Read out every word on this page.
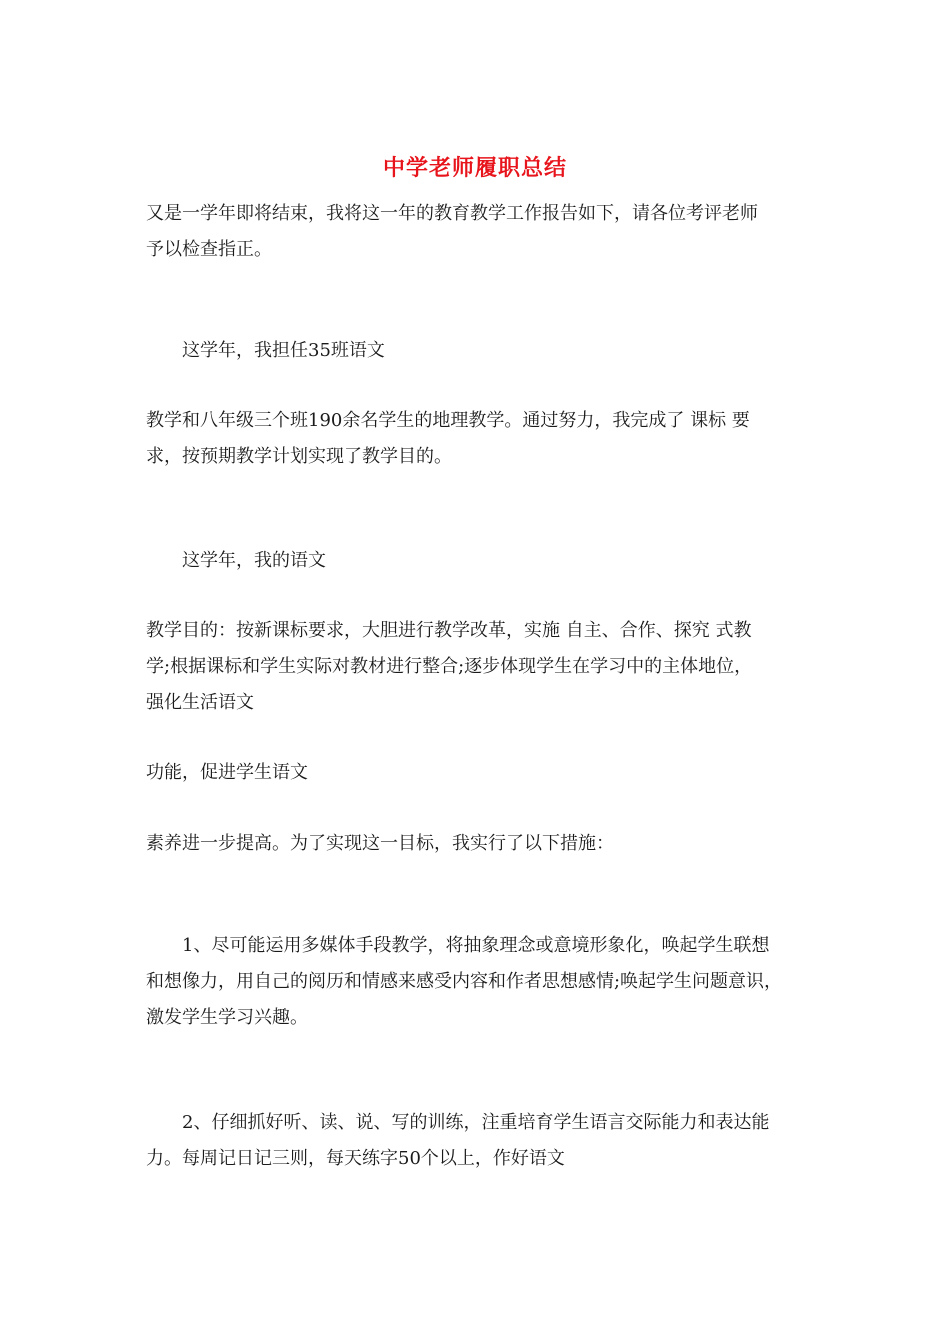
中学老师履职总结

又是一学年即将结束，我将这一年的教育教学工作报告如下，请各位考评老师
予以检查指正。

这学年，我担任35班语文

教学和八年级三个班190余名学生的地理教学。通过努力，我完成了 课标 要
求，按预期教学计划实现了教学目的。

这学年，我的语文

教学目的：按新课标要求，大胆进行教学改革，实施 自主、合作、探究 式教
学;根据课标和学生实际对教材进行整合;逐步体现学生在学习中的主体地位，
强化生活语文

功能，促进学生语文

素养进一步提高。为了实现这一目标，我实行了以下措施：

1、尽可能运用多媒体手段教学，将抽象理念或意境形象化，唤起学生联想
和想像力，用自己的阅历和情感来感受内容和作者思想感情;唤起学生问题意识，
激发学生学习兴趣。

2、仔细抓好听、读、说、写的训练，注重培育学生语言交际能力和表达能
力。每周记日记三则，每天练字50个以上，作好语文
